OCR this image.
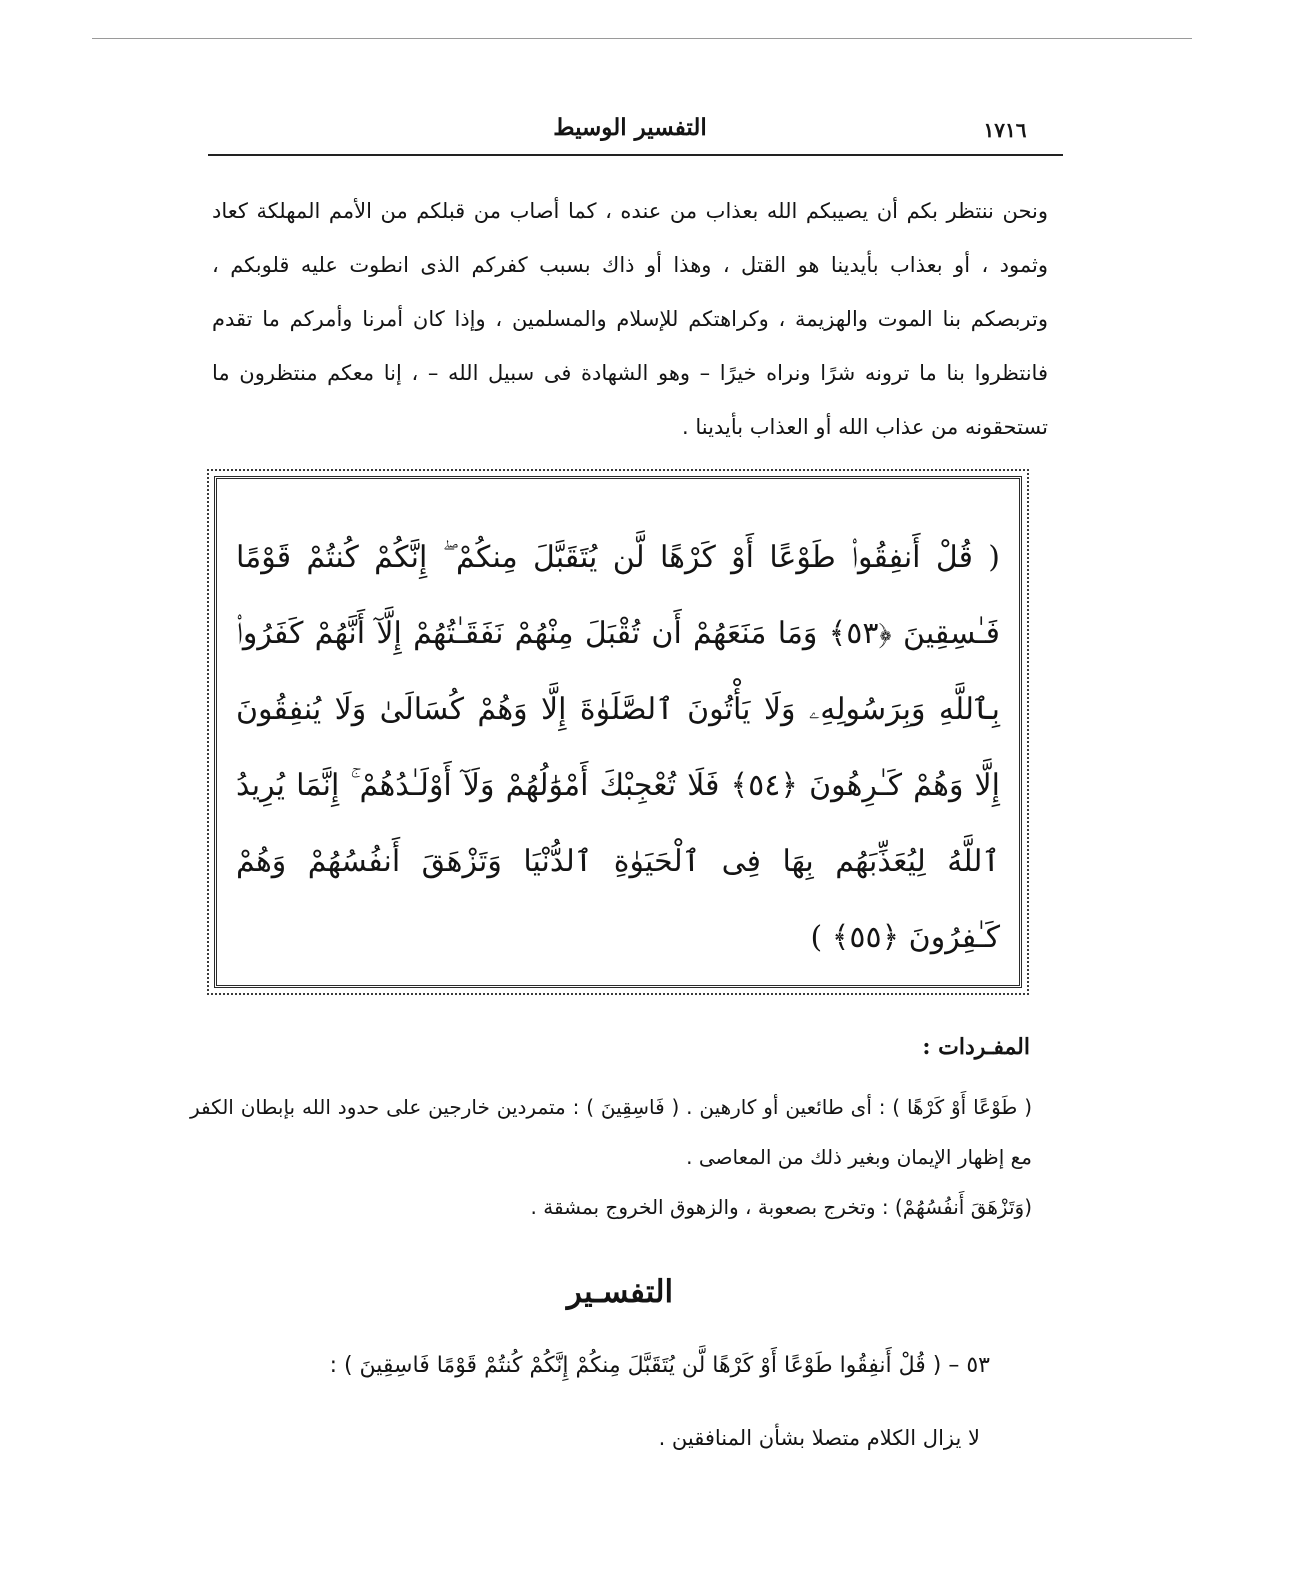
١٧١٦
التفسير الوسيط
ونحن ننتظر بكم أن يصيبكم الله بعذاب من عنده ، كما أصاب من قبلكم من الأمم المهلكة كعاد وثمود ، أو بعذاب بأيدينا هو القتل ، وهذا أو ذاك بسبب كفركم الذى انطوت عليه قلوبكم ، وتربصكم بنا الموت والهزيمة ، وكراهتكم للإسلام والمسلمين ، وإذا كان أمرنا وأمركم ما تقدم فانتظروا بنا ما ترونه شرًا ونراه خيرًا – وهو الشهادة فى سبيل الله – ، إنا معكم منتظرون ما تستحقونه من عذاب الله أو العذاب بأيدينا .
( قُلْ أَنفِقُوا۟ طَوْعًا أَوْ كَرْهًا لَّن يُتَقَبَّلَ مِنكُمْ ۖ إِنَّكُمْ كُنتُمْ قَوْمًا فَـٰسِقِينَ ﴿٥٣﴾ وَمَا مَنَعَهُمْ أَن تُقْبَلَ مِنْهُمْ نَفَقَـٰتُهُمْ إِلَّآ أَنَّهُمْ كَفَرُوا۟ بِٱللَّهِ وَبِرَسُولِهِۦ وَلَا يَأْتُونَ ٱلصَّلَوٰةَ إِلَّا وَهُمْ كُسَالَىٰ وَلَا يُنفِقُونَ إِلَّا وَهُمْ كَـٰرِهُونَ ﴿٥٤﴾ فَلَا تُعْجِبْكَ أَمْوَٰلُهُمْ وَلَآ أَوْلَـٰدُهُمْ ۚ إِنَّمَا يُرِيدُ ٱللَّهُ لِيُعَذِّبَهُم بِهَا فِى ٱلْحَيَوٰةِ ٱلدُّنْيَا وَتَزْهَقَ أَنفُسُهُمْ وَهُمْ كَـٰفِرُونَ ﴿٥٥﴾ )
المفـردات :
( طَوْعًا أَوْ كَرْهًا ) : أى طائعين أو كارهين . ( فَاسِقِينَ ) : متمردين خارجين على حدود الله بإبطان الكفر مع إظهار الإيمان وبغير ذلك من المعاصى .
(وَتَزْهَقَ أَنفُسُهُمْ) : وتخرج بصعوبة ، والزهوق الخروج بمشقة .
التفسـير
٥٣ – ( قُلْ أَنفِقُوا طَوْعًا أَوْ كَرْهًا لَّن يُتَقَبَّلَ مِنكُمْ إِنَّكُمْ كُنتُمْ قَوْمًا فَاسِقِينَ ) :
لا يزال الكلام متصلا بشأن المنافقين .
